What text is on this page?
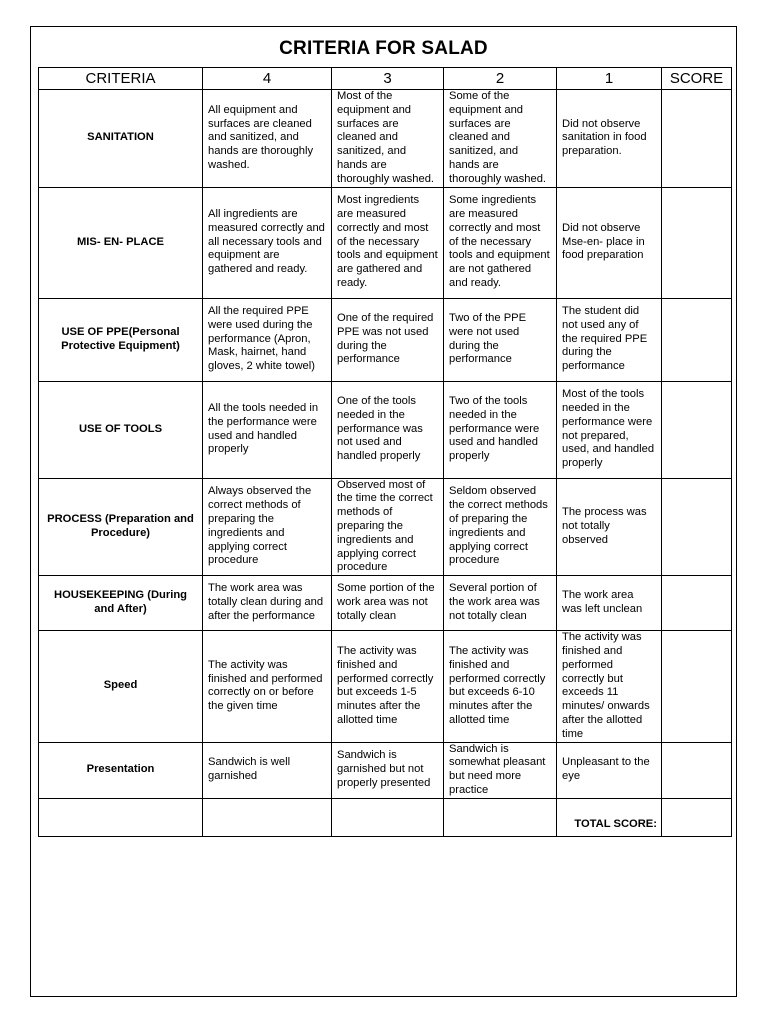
CRITERIA FOR SALAD
CRITERIA	4	3	2	1	SCORE
SANITATION	All equipment and surfaces are cleaned and sanitized, and hands are thoroughly washed.	Most of the equipment and surfaces are cleaned and sanitized, and hands are thoroughly washed.	Some of the equipment and surfaces are cleaned and sanitized, and hands are thoroughly washed.	Did not observe sanitation in food preparation.	
MIS- EN- PLACE	All ingredients are measured correctly and all necessary tools and equipment are gathered and ready.	Most ingredients are measured correctly and most of the necessary tools and equipment are gathered and ready.	Some ingredients are measured correctly and most of the necessary tools and equipment are not gathered and ready.	Did not observe Mse-en- place in food preparation	
USE OF PPE(Personal Protective Equipment)	All the required PPE were used during the performance (Apron, Mask, hairnet, hand gloves, 2 white towel)	One of the required PPE was not used during the performance	Two of the PPE were not used during the performance	The student did not used any of the required PPE during the performance	
USE OF TOOLS	All the tools needed in the performance were used and handled properly	One of the tools needed in the performance was not used and handled properly	Two of the tools needed in the performance were used and handled properly	Most of the tools needed in the performance were not prepared, used, and handled properly	
PROCESS (Preparation and Procedure)	Always observed the correct methods of preparing the ingredients and applying correct procedure	Observed most of the time the correct methods of preparing the ingredients and applying correct procedure	Seldom observed the correct methods of preparing the ingredients and applying correct procedure	The process was not totally observed	
HOUSEKEEPING (During and After)	The work area was totally clean during and after the performance	Some portion of the work area was not totally clean	Several portion of the work area was not totally clean	The work area was left unclean	
Speed	The activity was finished and performed correctly on or before the given time	The activity was finished and performed correctly but exceeds 1-5 minutes after the allotted time	The activity was finished and performed correctly but exceeds 6-10 minutes after the allotted time	The activity was finished and performed correctly but exceeds 11 minutes/ onwards after the allotted time	
Presentation	Sandwich is well garnished	Sandwich is garnished but not properly presented	Sandwich is somewhat pleasant but need more practice	Unpleasant to the eye	
				TOTAL SCORE:	
